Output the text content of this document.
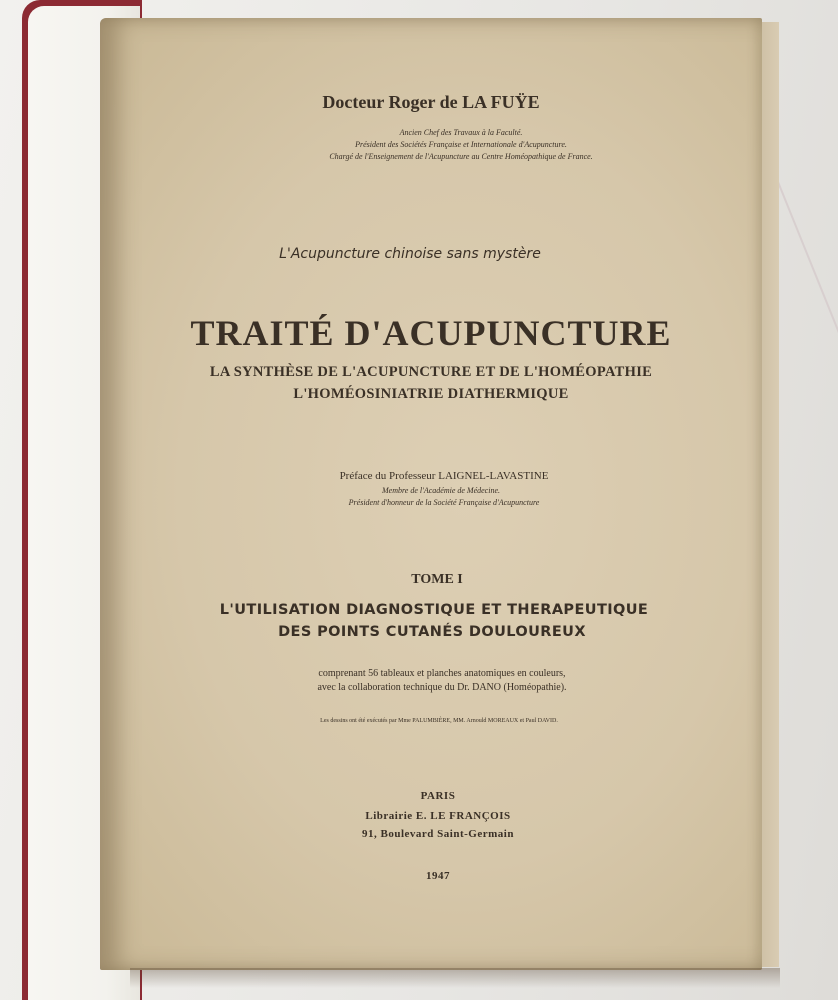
Docteur Roger de LA FUŸE
Ancien Chef des Travaux à la Faculté.
Président des Sociétés Française et Internationale d'Acupuncture.
Chargé de l'Enseignement de l'Acupuncture au Centre Homéopathique de France.
L'Acupuncture chinoise sans mystère
TRAITÉ D'ACUPUNCTURE
LA SYNTHÈSE DE L'ACUPUNCTURE ET DE L'HOMÉOPATHIE
L'HOMÉOSINIATRIE DIATHERMIQUE
Préface du Professeur LAIGNEL-LAVASTINE
Membre de l'Académie de Médecine.
Président d'honneur de la Société Française d'Acupuncture
TOME I
L'UTILISATION DIAGNOSTIQUE ET THERAPEUTIQUE
DES POINTS CUTANÉS DOULOUREUX
comprenant 56 tableaux et planches anatomiques en couleurs,
avec la collaboration technique du Dr. DANO (Homéopathie).
Les dessins ont été exécutés par Mme PALUMBIÈRE, MM. Arnould MOREAUX et Paul DAVID.
PARIS
Librairie E. LE FRANÇOIS
91, Boulevard Saint-Germain
1947
